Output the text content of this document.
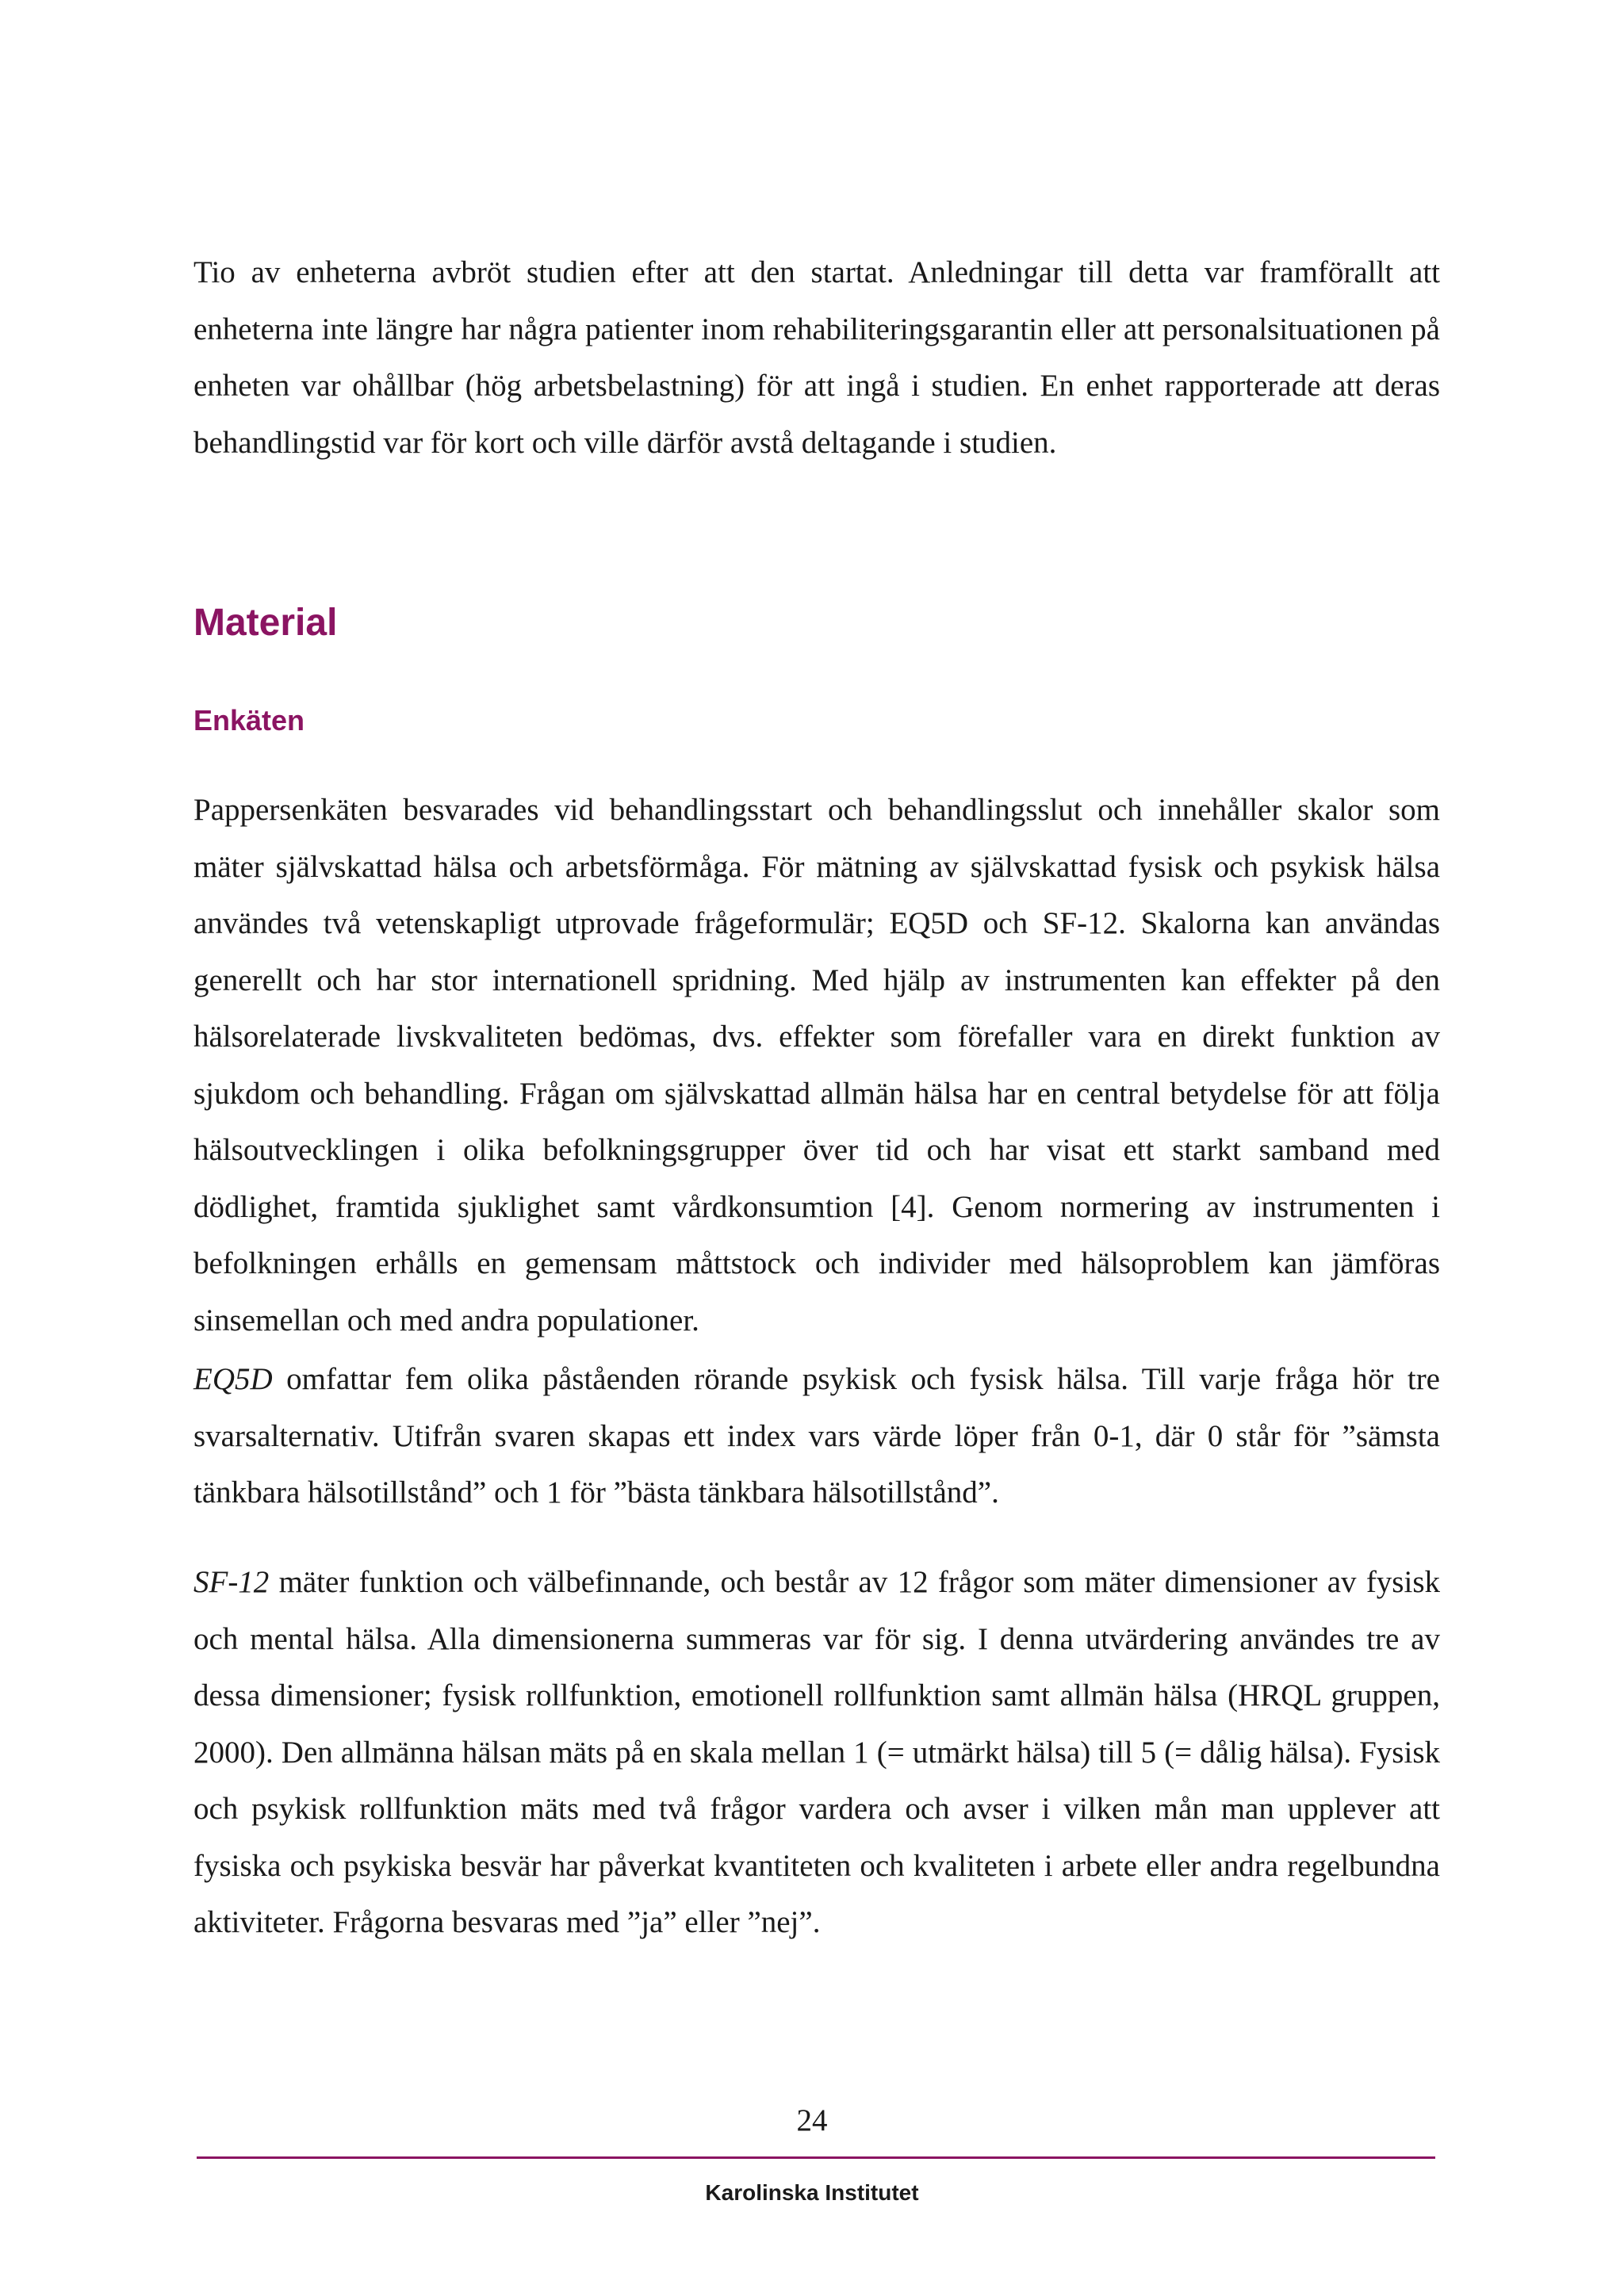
Tio av enheterna avbröt studien efter att den startat. Anledningar till detta var framförallt att enheterna inte längre har några patienter inom rehabiliteringsgarantin eller att personalsituationen på enheten var ohållbar (hög arbetsbelastning) för att ingå i studien. En enhet rapporterade att deras behandlingstid var för kort och ville därför avstå deltagande i studien.

Material
Enkäten

Pappersenkäten besvarades vid behandlingsstart och behandlingsslut och innehåller skalor som mäter självskattad hälsa och arbetsförmåga. För mätning av självskattad fysisk och psykisk hälsa användes två vetenskapligt utprovade frågeformulär; EQ5D och SF-12. Skalorna kan användas generellt och har stor internationell spridning. Med hjälp av instrumenten kan effekter på den hälsorelaterade livskvaliteten bedömas, dvs. effekter som förefaller vara en direkt funktion av sjukdom och behandling. Frågan om självskattad allmän hälsa har en central betydelse för att följa hälsoutvecklingen i olika befolkningsgrupper över tid och har visat ett starkt samband med dödlighet, framtida sjuklighet samt vårdkonsumtion [4]. Genom normering av instrumenten i befolkningen erhålls en gemensam måttstock och individer med hälsoproblem kan jämföras sinsemellan och med andra populationer.

EQ5D omfattar fem olika påståenden rörande psykisk och fysisk hälsa. Till varje fråga hör tre svarsalternativ. Utifrån svaren skapas ett index vars värde löper från 0-1, där 0 står för ”sämsta tänkbara hälsotillstånd” och 1 för ”bästa tänkbara hälsotillstånd”.

SF-12 mäter funktion och välbefinnande, och består av 12 frågor som mäter dimensioner av fysisk och mental hälsa. Alla dimensionerna summeras var för sig. I denna utvärdering användes tre av dessa dimensioner; fysisk rollfunktion, emotionell rollfunktion samt allmän hälsa (HRQL gruppen, 2000). Den allmänna hälsan mäts på en skala mellan 1 (= utmärkt hälsa) till 5 (= dålig hälsa). Fysisk och psykisk rollfunktion mäts med två frågor vardera och avser i vilken mån man upplever att fysiska och psykiska besvär har påverkat kvantiteten och kvaliteten i arbete eller andra regelbundna aktiviteter. Frågorna besvaras med ”ja” eller ”nej”.

24
Karolinska Institutet
